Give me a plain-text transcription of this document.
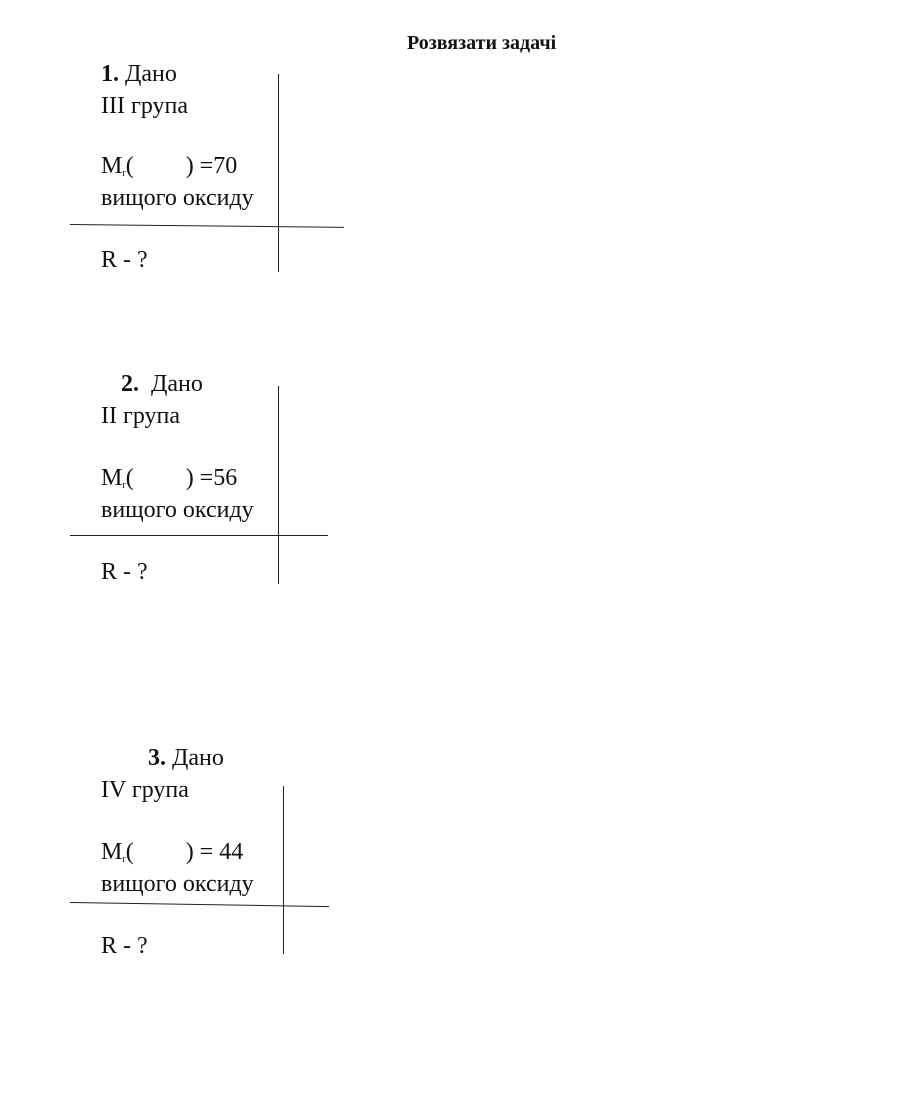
Розвязати задачі
1. Дано
III група
Mr( ) =70
вищого оксиду
R - ?
2. Дано
II група
Mr( ) =56
вищого оксиду
R - ?
3. Дано
IV група
Mr( ) = 44
вищого оксиду
R - ?
